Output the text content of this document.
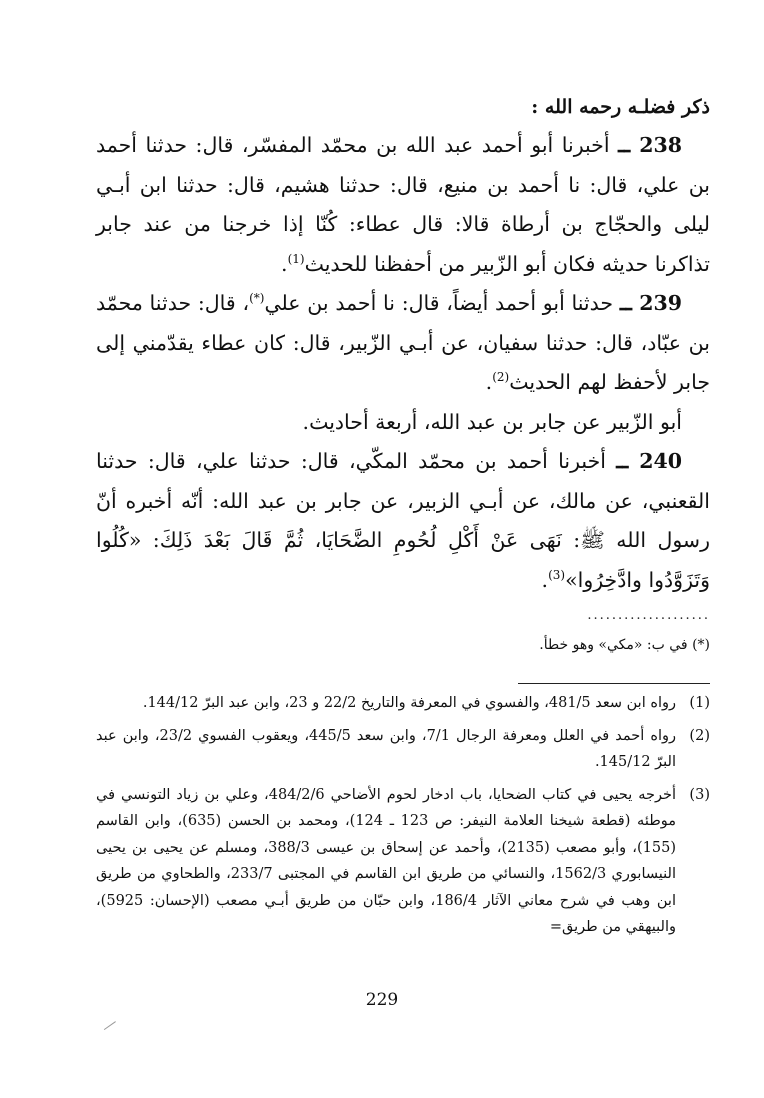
ذكر فضلـه رحمه الله :

238 ــ أخبرنا أبو أحمد عبد الله بن محمّد المفسّر، قال: حدثنا أحمد بن علي، قال: نا أحمد بن منيع، قال: حدثنا هشيم، قال: حدثنا ابن أبـي ليلى والحجّاج بن أرطاة قالا: قال عطاء: كُنّا إذا خرجنا من عند جابر تذاكرنا حديثه فكان أبو الزّبير من أحفظنا للحديث$^{(1)}$.

239 ــ حدثنا أبو أحمد أيضاً، قال: نا أحمد بن علي(*)، قال: حدثنا محمّد بن عبّاد، قال: حدثنا سفيان، عن أبـي الزّبير، قال: كان عطاء يقدّمني إلى جابر لأحفظ لهم الحديث$^{(2)}$.

أبو الزّبير عن جابر بن عبد الله، أربعة أحاديث.

240 ــ أخبرنا أحمد بن محمّد المكّي، قال: حدثنا علي، قال: حدثنا القعنبي، عن مالك، عن أبـي الزبير، عن جابر بن عبد الله: أنّه أخبره أنّ رسول الله ﷺ: نَهَى عَنْ أَكْلِ لُحُومِ الضَّحَايَا، ثُمَّ قَالَ بَعْدَ ذَلِكَ: «كُلُوا وَتَزَوَّدُوا وادَّخِرُوا»$^{(3)}$.

....................
(*) في ب: «مكي» وهو خطأ.

(1)
رواه ابن سعد 481/5، والفسوي في المعرفة والتاريخ 22/2 و 23، وابن عبد البرّ 144/12.

(2)
رواه أحمد في العلل ومعرفة الرجال 7/1، وابن سعد 445/5، ويعقوب الفسوي 23/2، وابن عبد البرّ 145/12.

(3)
أخرجه يحيى في كتاب الضحايا، باب ادخار لحوم الأضاحي 484/2/6، وعلي بن زياد التونسي في موطئه (قطعة شيخنا العلامة النيفر: ص 123 ـ 124)، ومحمد بن الحسن (635)، وابن القاسم (155)، وأبو مصعب (2135)، وأحمد عن إسحاق بن عيسى 388/3، ومسلم عن يحيى بن يحيى النيسابوري 1562/3، والنسائي من طريق ابن القاسم في المجتبى 233/7، والطحاوي من طريق ابن وهب في شرح معاني الآثار 186/4، وابن حبّان من طريق أبـي مصعب (الإحسان: 5925)، والبيهقي من طريق=

229
